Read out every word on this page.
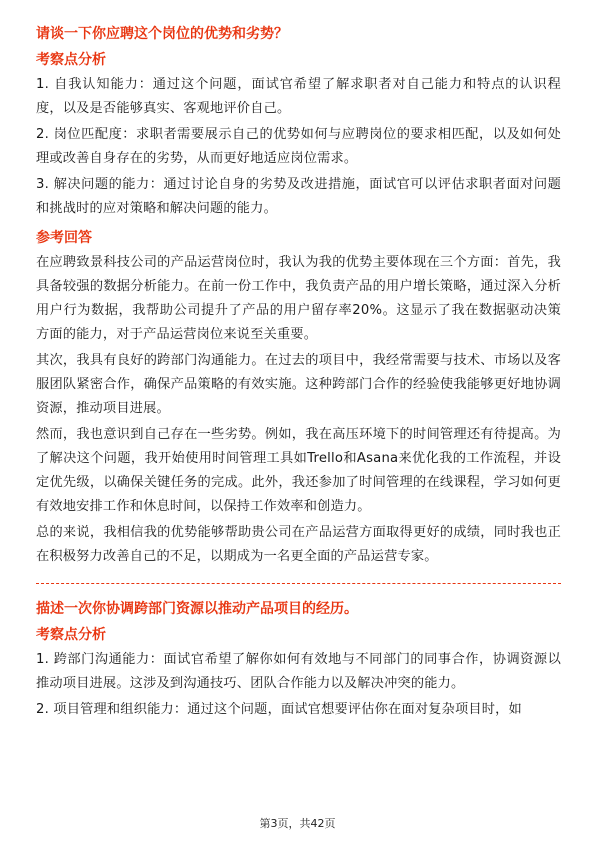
请谈一下你应聘这个岗位的优势和劣势？
考察点分析

1. 自我认知能力：通过这个问题，面试官希望了解求职者对自己能力和特点的认识程度，以及是否能够真实、客观地评价自己。

2. 岗位匹配度：求职者需要展示自己的优势如何与应聘岗位的要求相匹配，以及如何处理或改善自身存在的劣势，从而更好地适应岗位需求。

3. 解决问题的能力：通过讨论自身的劣势及改进措施，面试官可以评估求职者面对问题和挑战时的应对策略和解决问题的能力。

参考回答

在应聘致景科技公司的产品运营岗位时，我认为我的优势主要体现在三个方面：首先，我具备较强的数据分析能力。在前一份工作中，我负责产品的用户增长策略，通过深入分析用户行为数据，我帮助公司提升了产品的用户留存率20%。这显示了我在数据驱动决策方面的能力，对于产品运营岗位来说至关重要。

其次，我具有良好的跨部门沟通能力。在过去的项目中，我经常需要与技术、市场以及客服团队紧密合作，确保产品策略的有效实施。这种跨部门合作的经验使我能够更好地协调资源，推动项目进展。

然而，我也意识到自己存在一些劣势。例如，我在高压环境下的时间管理还有待提高。为了解决这个问题，我开始使用时间管理工具如Trello和Asana来优化我的工作流程，并设定优先级，以确保关键任务的完成。此外，我还参加了时间管理的在线课程，学习如何更有效地安排工作和休息时间，以保持工作效率和创造力。

总的来说，我相信我的优势能够帮助贵公司在产品运营方面取得更好的成绩，同时我也正在积极努力改善自己的不足，以期成为一名更全面的产品运营专家。

描述一次你协调跨部门资源以推动产品项目的经历。
考察点分析

1. 跨部门沟通能力：面试官希望了解你如何有效地与不同部门的同事合作，协调资源以推动项目进展。这涉及到沟通技巧、团队合作能力以及解决冲突的能力。

2. 项目管理和组织能力：通过这个问题，面试官想要评估你在面对复杂项目时，如

第3页，共42页
